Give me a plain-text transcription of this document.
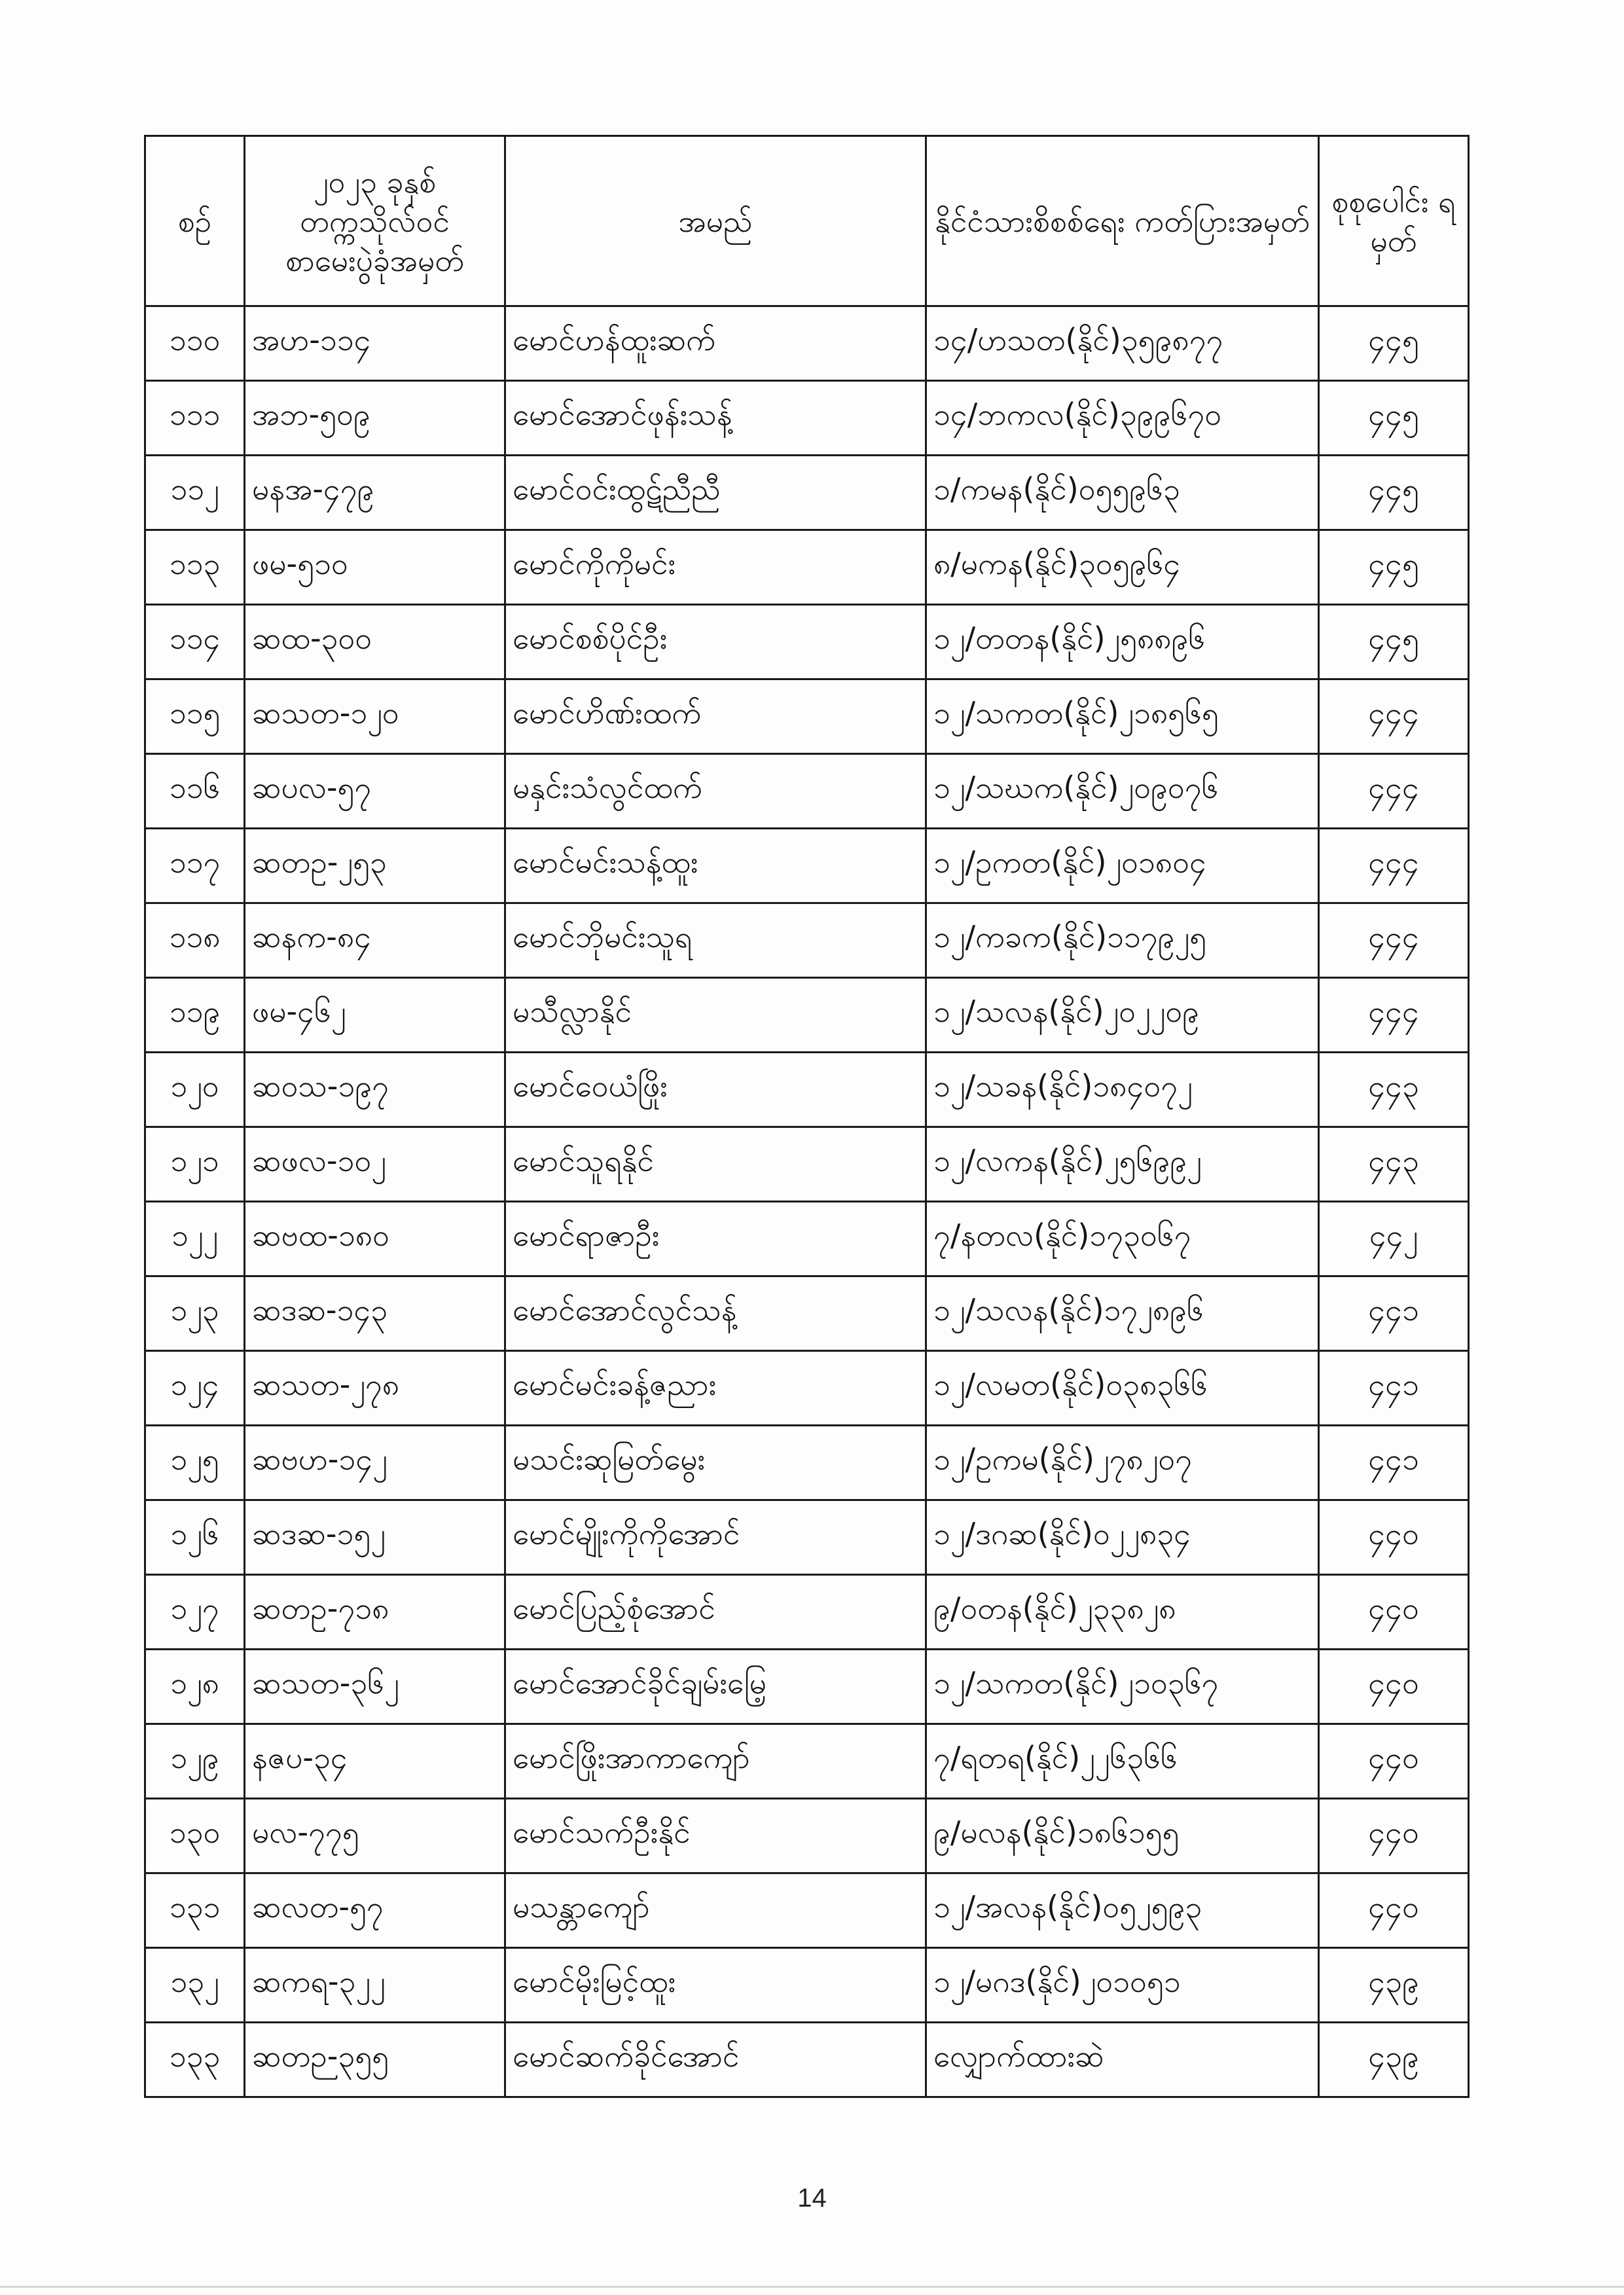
စဉ်	၂၀၂၃ ခုနှစ် တက္ကသိုလ်ဝင် စာမေးပွဲခုံအမှတ်	အမည်	နိုင်ငံသားစိစစ်ရေး ကတ်ပြားအမှတ်	စုစုပေါင်း ရမှတ်
၁၁၀	အဟ-၁၁၄	မောင်ဟန်ထူးဆက်	၁၄/ဟသတ(နိုင်)၃၅၉၈၇၇	၄၄၅
၁၁၁	အဘ-၅၀၉	မောင်အောင်ဖုန်းသန့်	၁၄/ဘကလ(နိုင်)၃၉၉၆၇၀	၄၄၅
၁၁၂	မနအ-၄၇၉	မောင်ဝင်းထွဋ်ညီညီ	၁/ကမန(နိုင်)၀၅၅၉၆၃	၄၄၅
၁၁၃	ဖမ-၅၁၀	မောင်ကိုကိုမင်း	၈/မကန(နိုင်)၃၀၅၉၆၄	၄၄၅
၁၁၄	ဆထ-၃၀၀	မောင်စစ်ပိုင်ဦး	၁၂/တတန(နိုင်)၂၅၈၈၉၆	၄၄၅
၁၁၅	ဆသတ-၁၂၀	မောင်ဟိဏ်းထက်	၁၂/သကတ(နိုင်)၂၁၈၅၆၅	၄၄၄
၁၁၆	ဆပလ-၅၇	မနှင်းသံလွင်ထက်	၁၂/သဃက(နိုင်)၂၀၉၀၇၆	၄၄၄
၁၁၇	ဆတဥ-၂၅၃	မောင်မင်းသန့်ထူး	၁၂/ဥကတ(နိုင်)၂၀၁၈၀၄	၄၄၄
၁၁၈	ဆနက-၈၄	မောင်ဘိုမင်းသူရ	၁၂/ကခက(နိုင်)၁၁၇၉၂၅	၄၄၄
၁၁၉	ဖမ-၄၆၂	မသီလ္လာနိုင်	၁၂/သလန(နိုင်)၂၀၂၂၀၉	၄၄၄
၁၂၀	ဆဝသ-၁၉၇	မောင်ဝေယံဖြိုး	၁၂/သခန(နိုင်)၁၈၄၀၇၂	၄၄၃
၁၂၁	ဆဖလ-၁၀၂	မောင်သူရနိုင်	၁၂/လကန(နိုင်)၂၅၆၉၉၂	၄၄၃
၁၂၂	ဆဗထ-၁၈၀	မောင်ရာဇာဦး	၇/နတလ(နိုင်)၁၇၃၀၆၇	၄၄၂
၁၂၃	ဆဒဆ-၁၄၃	မောင်အောင်လွင်သန့်	၁၂/သလန(နိုင်)၁၇၂၈၉၆	၄၄၁
၁၂၄	ဆသတ-၂၇၈	မောင်မင်းခန့်ဇညား	၁၂/လမတ(နိုင်)၀၃၈၃၆၆	၄၄၁
၁၂၅	ဆဗဟ-၁၄၂	မသင်းဆုမြတ်မွေး	၁၂/ဥကမ(နိုင်)၂၇၈၂၀၇	၄၄၁
၁၂၆	ဆဒဆ-၁၅၂	မောင်မျိုးကိုကိုအောင်	၁၂/ဒဂဆ(နိုင်)၀၂၂၈၃၄	၄၄၀
၁၂၇	ဆတဥ-၇၁၈	မောင်ပြည့်စုံအောင်	၉/ဝတန(နိုင်)၂၃၃၈၂၈	၄၄၀
၁၂၈	ဆသတ-၃၆၂	မောင်အောင်ခိုင်ချမ်းမြေ့	၁၂/သကတ(နိုင်)၂၁၀၃၆၇	၄၄၀
၁၂၉	နဇပ-၃၄	မောင်ဖြိုးအာကာကျော်	၇/ရတရ(နိုင်)၂၂၆၃၆၆	၄၄၀
၁၃၀	မလ-၇၇၅	မောင်သက်ဦးနိုင်	၉/မလန(နိုင်)၁၈၆၁၅၅	၄၄၀
၁၃၁	ဆလတ-၅၇	မသန္တာကျော်	၁၂/အလန(နိုင်)၀၅၂၅၉၃	၄၄၀
၁၃၂	ဆကရ-၃၂၂	မောင်မိုးမြင့်ထူး	၁၂/မဂဒ(နိုင်)၂၀၁၀၅၁	၄၃၉
၁၃၃	ဆတဉ-၃၅၅	မောင်ဆက်ခိုင်အောင်	လျှောက်ထားဆဲ	၄၃၉
14
